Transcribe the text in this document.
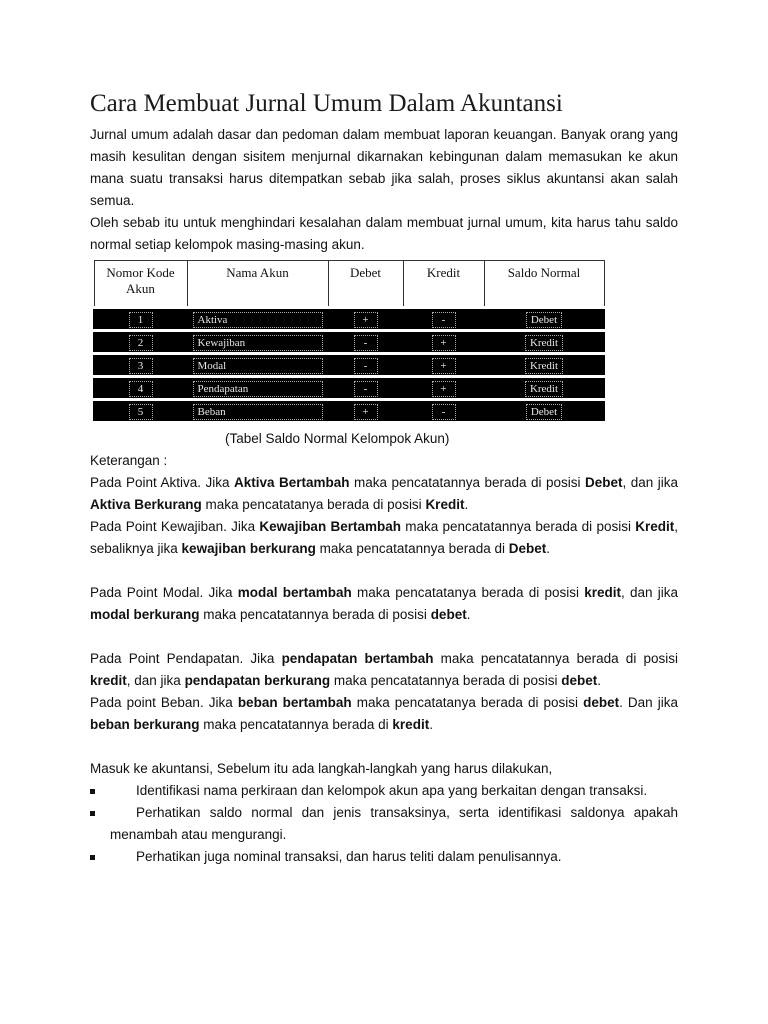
Cara Membuat Jurnal Umum Dalam Akuntansi

Jurnal umum adalah dasar dan pedoman dalam membuat laporan keuangan. Banyak orang yang masih kesulitan dengan sisitem menjurnal dikarnakan kebingunan dalam memasukan ke akun mana suatu transaksi harus ditempatkan sebab jika salah, proses siklus akuntansi akan salah semua.

Oleh sebab itu untuk menghindari kesalahan dalam membuat jurnal umum, kita harus tahu saldo normal setiap kelompok masing-masing akun.

Nomor Kode Akun	Nama Akun	Debet	Kredit	Saldo Normal
1	Aktiva	+	-	Debet
2	Kewajiban	-	+	Kredit
3	Modal	-	+	Kredit
4	Pendapatan	-	+	Kredit
5	Beban	+	-	Debet
(Tabel Saldo Normal Kelompok Akun)

Keterangan :

Pada Point Aktiva. Jika Aktiva Bertambah maka pencatatannya berada di posisi Debet, dan jika Aktiva Berkurang maka pencatatanya berada di posisi Kredit.

Pada Point Kewajiban. Jika Kewajiban Bertambah maka pencatatannya berada di posisi Kredit, sebaliknya jika kewajiban berkurang maka pencatatannya berada di Debet.

Pada Point Modal. Jika modal bertambah maka pencatatanya berada di posisi kredit, dan jika modal berkurang maka pencatatannya berada di posisi debet.

Pada Point Pendapatan. Jika pendapatan bertambah maka pencatatannya berada di posisi kredit, dan jika pendapatan berkurang maka pencatatannya berada di posisi debet.

Pada point Beban. Jika beban bertambah maka pencatatanya berada di posisi debet. Dan jika beban berkurang maka pencatatannya berada di kredit.

Masuk ke akuntansi, Sebelum itu ada langkah-langkah yang harus dilakukan,

Identifikasi nama perkiraan dan kelompok akun apa yang berkaitan dengan transaksi.
Perhatikan saldo normal dan jenis transaksinya, serta identifikasi saldonya apakah menambah atau mengurangi.
Perhatikan juga nominal transaksi, dan harus teliti dalam penulisannya.
